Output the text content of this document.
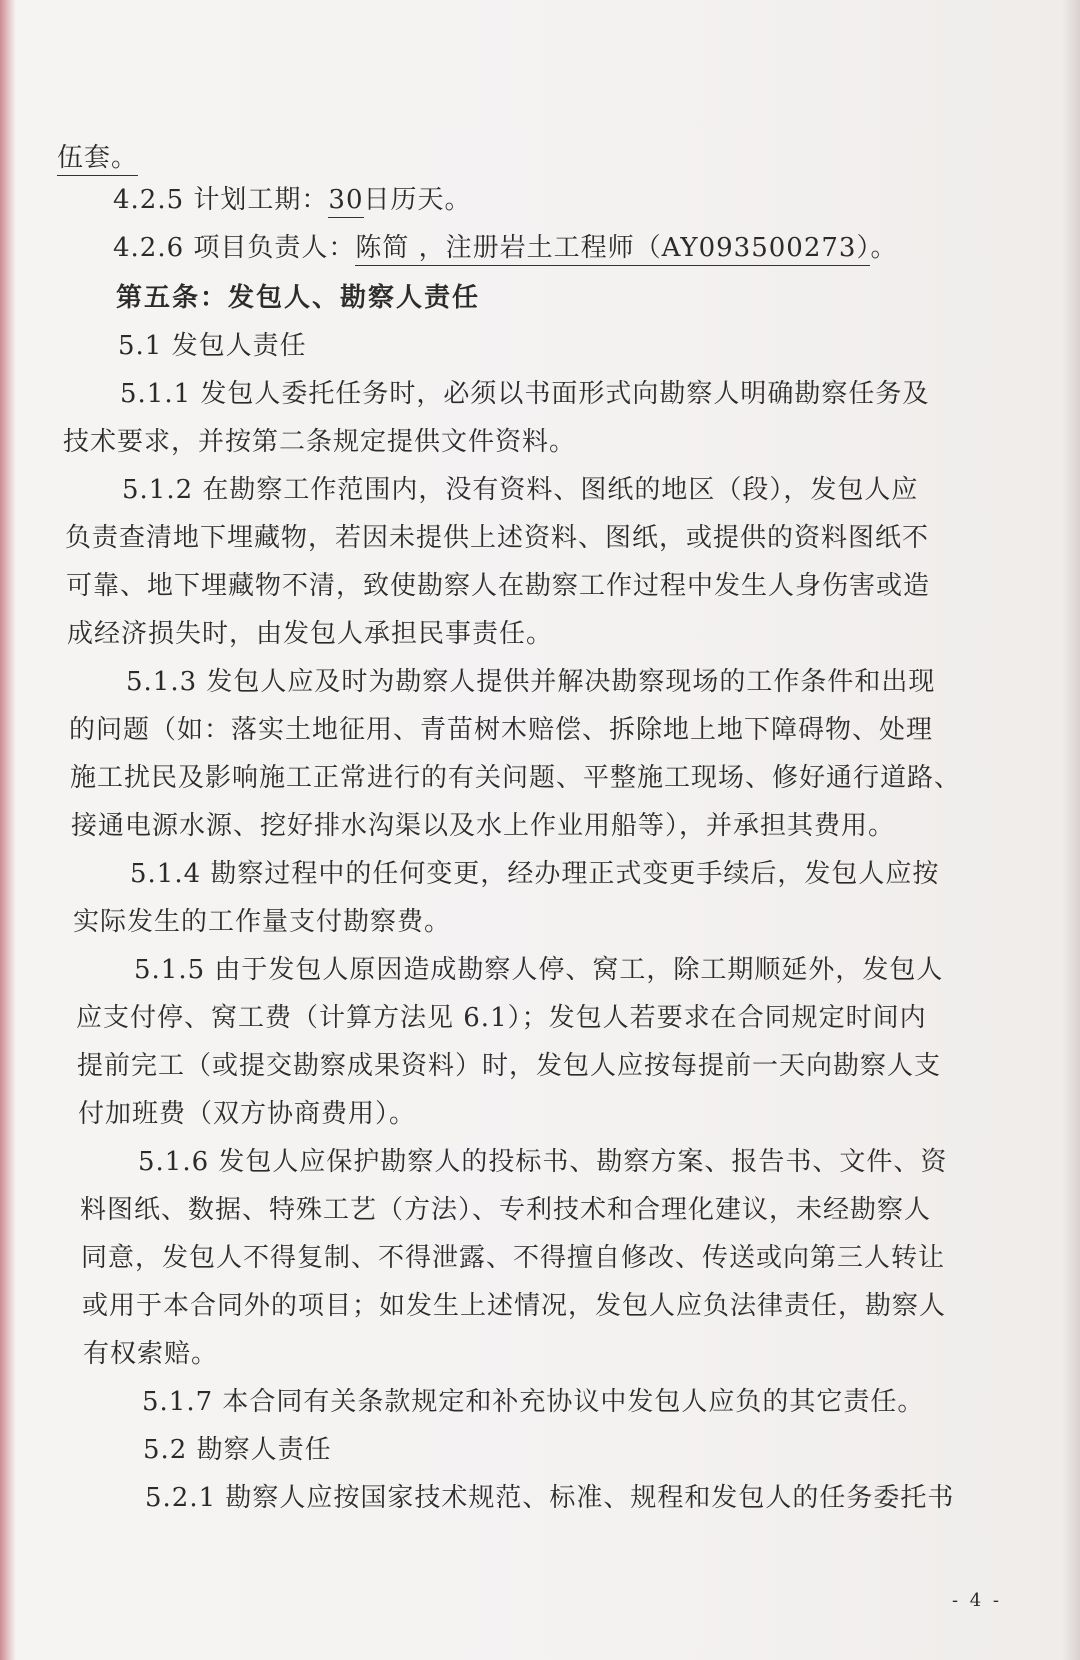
伍套。
4.2.5 计划工期：30日历天。
4.2.6 项目负责人：陈简 ，注册岩土工程师（AY093500273）。
第五条：发包人、勘察人责任
5.1 发包人责任
5.1.1 发包人委托任务时，必须以书面形式向勘察人明确勘察任务及
技术要求，并按第二条规定提供文件资料。
5.1.2 在勘察工作范围内，没有资料、图纸的地区（段），发包人应
负责查清地下埋藏物，若因未提供上述资料、图纸，或提供的资料图纸不
可靠、地下埋藏物不清，致使勘察人在勘察工作过程中发生人身伤害或造
成经济损失时，由发包人承担民事责任。
5.1.3 发包人应及时为勘察人提供并解决勘察现场的工作条件和出现
的问题（如：落实土地征用、青苗树木赔偿、拆除地上地下障碍物、处理
施工扰民及影响施工正常进行的有关问题、平整施工现场、修好通行道路、
接通电源水源、挖好排水沟渠以及水上作业用船等），并承担其费用。
5.1.4 勘察过程中的任何变更，经办理正式变更手续后，发包人应按
实际发生的工作量支付勘察费。
5.1.5 由于发包人原因造成勘察人停、窝工，除工期顺延外，发包人
应支付停、窝工费（计算方法见 6.1）；发包人若要求在合同规定时间内
提前完工（或提交勘察成果资料）时，发包人应按每提前一天向勘察人支
付加班费（双方协商费用）。
5.1.6 发包人应保护勘察人的投标书、勘察方案、报告书、文件、资
料图纸、数据、特殊工艺（方法）、专利技术和合理化建议，未经勘察人
同意，发包人不得复制、不得泄露、不得擅自修改、传送或向第三人转让
或用于本合同外的项目；如发生上述情况，发包人应负法律责任，勘察人
有权索赔。
5.1.7 本合同有关条款规定和补充协议中发包人应负的其它责任。
5.2 勘察人责任
5.2.1 勘察人应按国家技术规范、标准、规程和发包人的任务委托书
- 4 -
